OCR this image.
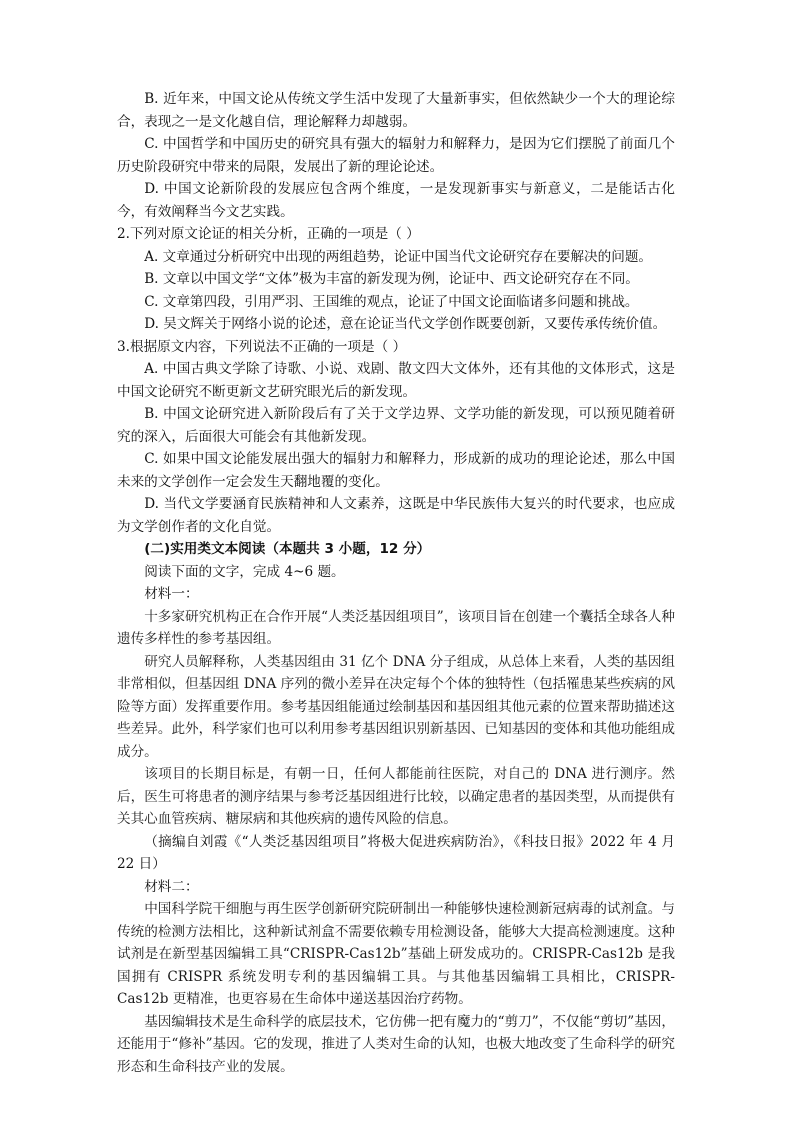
B. 近年来，中国文论从传统文学生活中发现了大量新事实，但依然缺少一个大的理论综合，表现之一是文化越自信，理论解释力却越弱。

C. 中国哲学和中国历史的研究具有强大的辐射力和解释力，是因为它们摆脱了前面几个历史阶段研究中带来的局限，发展出了新的理论论述。

D. 中国文论新阶段的发展应包含两个维度，一是发现新事实与新意义，二是能话古化今，有效阐释当今文艺实践。

2.下列对原文论证的相关分析，正确的一项是（ ）

A. 文章通过分析研究中出现的两组趋势，论证中国当代文论研究存在要解决的问题。

B. 文章以中国文学“文体”极为丰富的新发现为例，论证中、西文论研究存在不同。

C. 文章第四段，引用严羽、王国维的观点，论证了中国文论面临诸多问题和挑战。

D. 吴文辉关于网络小说的论述，意在论证当代文学创作既要创新，又要传承传统价值。

3.根据原文内容，下列说法不正确的一项是（ ）

A. 中国古典文学除了诗歌、小说、戏剧、散文四大文体外，还有其他的文体形式，这是中国文论研究不断更新文艺研究眼光后的新发现。

B. 中国文论研究进入新阶段后有了关于文学边界、文学功能的新发现，可以预见随着研究的深入，后面很大可能会有其他新发现。

C. 如果中国文论能发展出强大的辐射力和解释力，形成新的成功的理论论述，那么中国未来的文学创作一定会发生天翻地覆的变化。

D. 当代文学要涵育民族精神和人文素养，这既是中华民族伟大复兴的时代要求，也应成为文学创作者的文化自觉。

(二)实用类文本阅读（本题共 3 小题，12 分）

阅读下面的文字，完成 4~6 题。

材料一：

十多家研究机构正在合作开展“人类泛基因组项目”，该项目旨在创建一个囊括全球各人种遗传多样性的参考基因组。

研究人员解释称，人类基因组由 31 亿个 DNA 分子组成，从总体上来看，人类的基因组非常相似，但基因组 DNA 序列的微小差异在决定每个个体的独特性（包括罹患某些疾病的风险等方面）发挥重要作用。参考基因组能通过绘制基因和基因组其他元素的位置来帮助描述这些差异。此外，科学家们也可以利用参考基因组识别新基因、已知基因的变体和其他功能组成成分。

该项目的长期目标是，有朝一日，任何人都能前往医院，对自己的 DNA 进行测序。然后，医生可将患者的测序结果与参考泛基因组进行比较，以确定患者的基因类型，从而提供有关其心血管疾病、糖尿病和其他疾病的遗传风险的信息。

（摘编自刘霞《“人类泛基因组项目”将极大促进疾病防治》，《科技日报》2022 年 4 月 22 日）

材料二：

中国科学院干细胞与再生医学创新研究院研制出一种能够快速检测新冠病毒的试剂盒。与传统的检测方法相比，这种新试剂盒不需要依赖专用检测设备，能够大大提高检测速度。这种试剂是在新型基因编辑工具“CRISPR-Cas12b”基础上研发成功的。CRISPR-Cas12b 是我国拥有 CRISPR 系统发明专利的基因编辑工具。与其他基因编辑工具相比，CRISPR-Cas12b 更精准，也更容易在生命体中递送基因治疗药物。

基因编辑技术是生命科学的底层技术，它仿佛一把有魔力的“剪刀”，不仅能“剪切”基因，还能用于“修补”基因。它的发现，推进了人类对生命的认知，也极大地改变了生命科学的研究形态和生命科技产业的发展。
